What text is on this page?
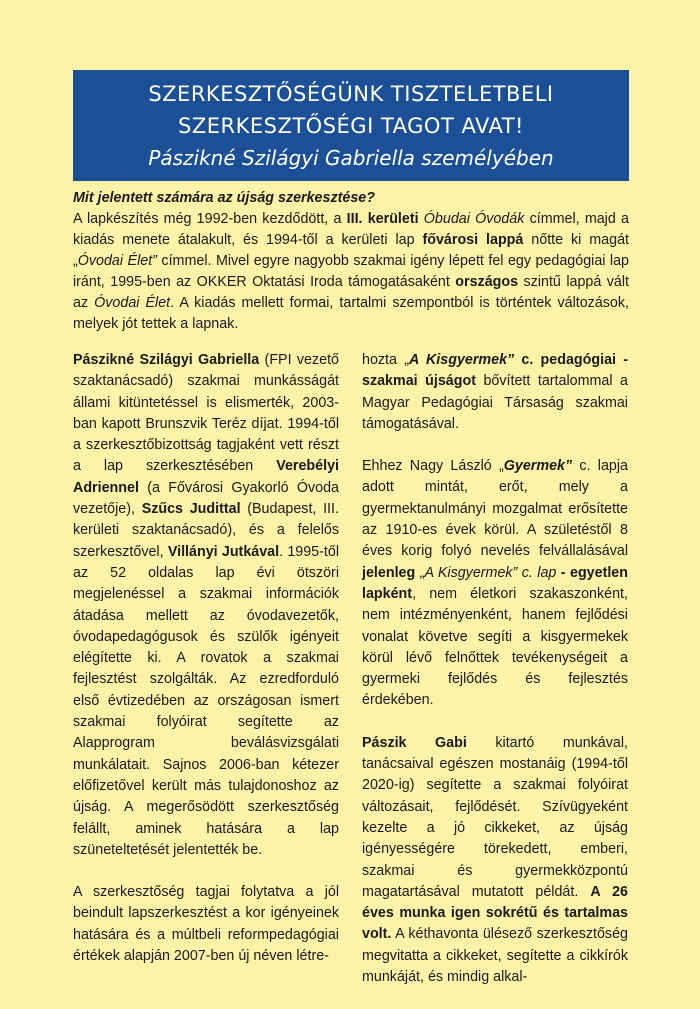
SZERKESZTŐSÉGÜNK TISZTELETBELI
SZERKESZTŐSÉGI TAGOT AVAT!
Pászikné Szilágyi Gabriella személyében
Mit jelentett számára az újság szerkesztése?
A lapkészítés még 1992-ben kezdődött, a III. kerületi Óbudai Óvodák címmel, majd a kiadás menete átalakult, és 1994-től a kerületi lap fővárosi lappá nőtte ki magát „Óvodai Élet” címmel. Mivel egyre nagyobb szakmai igény lépett fel egy pedagógiai lap iránt, 1995-ben az OKKER Oktatási Iroda támogatásaként országos szintű lappá vált az Óvodai Élet. A kiadás mellett formai, tartalmi szempontból is történtek változások, melyek jót tettek a lapnak.

Pászikné Szilágyi Gabriella (FPI vezető szaktanácsadó) szakmai munkásságát állami kitüntetéssel is elismerték, 2003-ban kapott Brunszvik Teréz díjat. 1994-től a szerkesztőbizottság tagjaként vett részt a lap szerkesztésében Verebélyi Adriennel (a Fővárosi Gyakorló Óvoda vezetője), Szűcs Judittal (Budapest, III. kerületi szaktanácsadó), és a felelős szerkesztővel, Villányi Jutkával. 1995-től az 52 oldalas lap évi ötszöri megjelenéssel a szakmai információk átadása mellett az óvodavezetők, óvodapedagógusok és szülők igényeit elégítette ki. A rovatok a szakmai fejlesztést szolgálták. Az ezredforduló első évtizedében az országosan ismert szakmai folyóirat segítette az Alapprogram beválásvizsgálati munkálatait. Sajnos 2006-ban kétezer előfizetővel került más tulajdonoshoz az újság. A megerősödött szerkesztőség felállt, aminek hatására a lap szüneteltetését jelentették be.

A szerkesztőség tagjai folytatva a jól beindult lapszerkesztést a kor igényeinek hatására és a múltbeli reformpedagógiai értékek alapján 2007-ben új néven létre-

hozta „A Kisgyermek” c. pedagógiai - szakmai újságot bővített tartalommal a Magyar Pedagógiai Társaság szakmai támogatásával.

Ehhez Nagy László „Gyermek” c. lapja adott mintát, erőt, mely a gyermektanulmányi mozgalmat erősítette az 1910-es évek körül. A születéstől 8 éves korig folyó nevelés felvállalásával jelenleg „A Kisgyermek” c. lap - egyetlen lapként, nem életkori szakaszonként, nem intézményenként, hanem fejlődési vonalat követve segíti a kisgyermekek körül lévő felnőttek tevékenységeit a gyermeki fejlődés és fejlesztés érdekében.

Pászik Gabi kitartó munkával, tanácsaival egészen mostanáig (1994-től 2020-ig) segítette a szakmai folyóirat változásait, fejlődését. Szívügyeként kezelte a jó cikkeket, az újság igényességére törekedett, emberi, szakmai és gyermekközpontú magatartásával mutatott példát. A 26 éves munka igen sokrétű és tartalmas volt. A kéthavonta ülésező szerkesztőség megvitatta a cikkeket, segítette a cikkírók munkáját, és mindig alkal-
